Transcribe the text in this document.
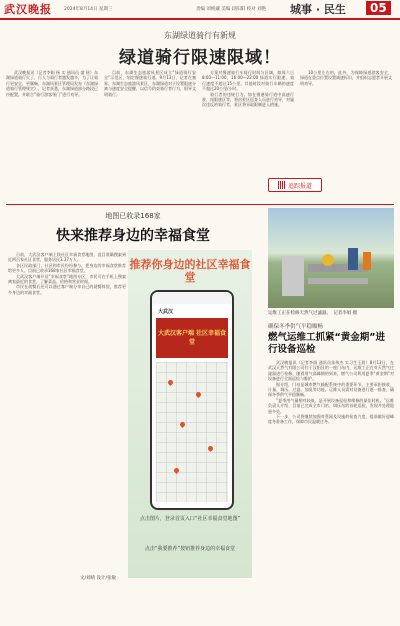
武汉晚报	2024年8月14日 星期三	责编 刘焕藏 美编 段阳阳 校对 刘艳 城事 · 民生	05
东湖绿道骑行有新规
绿道骑行限速限域！

武汉晚报讯（记者李娟 杨 实 通讯员 童 瑶）东湖绿道骑行火了，行人与骑行者越发越多，为了让骑行更安全、更顺畅，东湖风景区管理局发布《东湖绿道骑行管理规定》，记者获悉，东湖绿道部分路段已经配置，并联合“骑行游客领门”进行劝导。

目前，东湖生态旅游风景区成立“绿道骑行安全”示范区，划定慢速骑行道。9月13日，记者在塞界、东湖生态旅游风景区，东湖绿道对于设置限速分离与速度安全提醒，以信号约束骑行者行为，倡导文明骑行。

方案对慢速骑行车骑行时间与区域，如周六日8:00—11:00、16:00—22:00 绿道实行限速，骑行速度不超过15公里。其他时段对骑行车辆的速度不超过20公里/小时。

骑行者的违规行为，如在慢速骑行道中高速行驶、闯限速区等，将由景区巡查人员进行劝导，对屡次违反的骑行者，景区将采取限制进入措施。

10公里左右的，此外，为保障绿道游客安全，绿道在重点位置设置减速标识，并组织志愿者开展文明劝导。

追踪报道
地图已收录168家
快来推荐身边的幸福食堂

日前，大武汉客户端上线社区幸福食堂地图，直目准确搜索到近两百家社区食堂，服务居民3.37万人。

各区民政部门，社区和市民纷纷参与，把身边的幸福食堂推荐给更多人。目前已收录168家社区幸福食堂。

大武汉客户端开设“幸福食堂”地图专区，市民可在手机上搜索离家最近的食堂，了解菜品、价格和营业时间。

市民在就餐后还可以通过客户端分享自己的就餐体验，推荐更多身边的幸福食堂。

文/刘晴 设计/张敏
推荐你身边的社区幸福食堂
大武汉
大武汉客户端 社区幸福食堂
点击图片，登录首页入口“社区幸福食堂地图”
点击“我要推荐”按钮推荐身边的幸福食堂
运维工正在检修天然气过滤器。　记者李娟 摄
确保冬季供气平稳順畅
燃气运维工抓紧“黄金期”进行设备巡检

武汉晚报讯（记者李娟 通讯员朱伟杰 实习生王晨）8月13日，在武汉天然气有限公司位于汉阳区的一座门站内，运维工正在对天然气过滤器进行检修。随着用气高峰期的到来，燃气公司利用夏季“黄金期”对设备进行全面巡检与维护。

据介绍，门站是城市燃气输配系统中的重要环节，主要承担接收、计量、调压、过滤、加臭等功能。运维人员需对设备进行逐一排查，确保冬季供气平稳顺畅。

“夏季用气量相对较低，是开展设备巡检和维修的最佳时机。”运维负责人介绍，目前已完成全市门站、调压站的首轮巡检，发现并处理隐患多处。

下一步，公司将继续加强对管网及设施的检查力度，提前做好迎峰度冬准备工作，保障市民温暖过冬。
